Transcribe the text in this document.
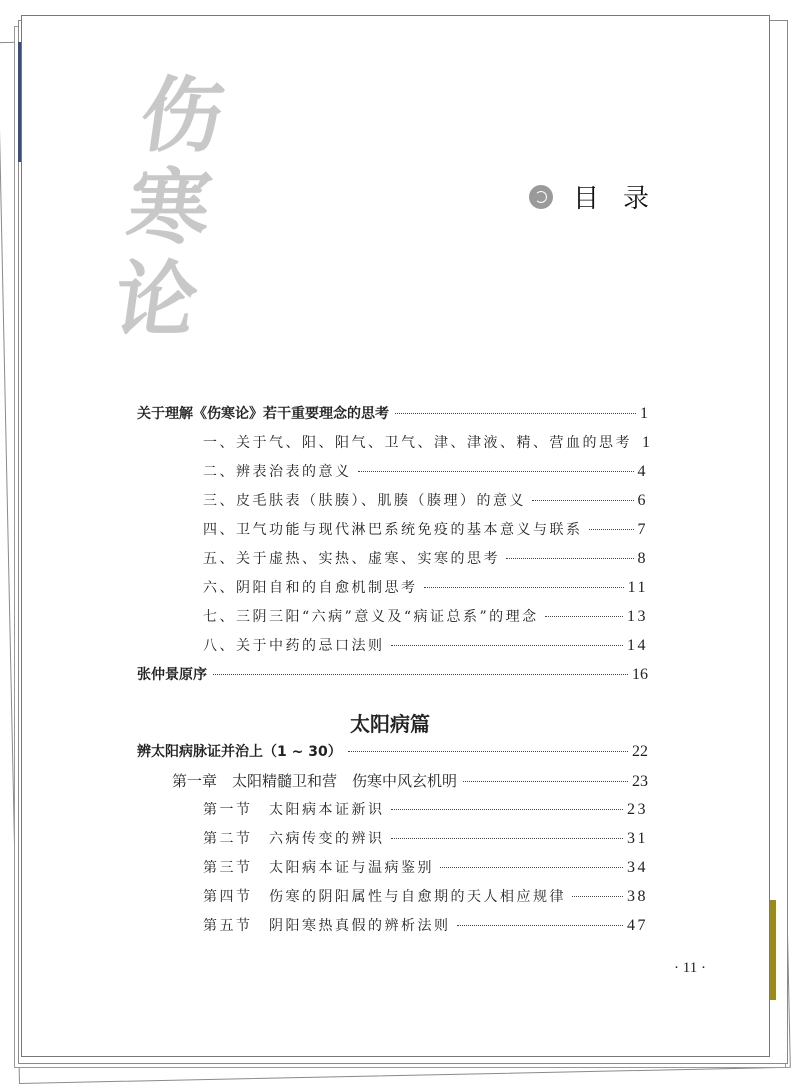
伤
寒
论
目录
太阳病篇
· 11 ·
关于理解《伤寒论》若干重要理念的思考	1
一、关于气、阳、阳气、卫气、津、津液、精、营血的思考 1
二、辨表治表的意义	4
三、皮毛肤表（肤腠）、肌腠（腠理）的意义	6
四、卫气功能与现代淋巴系统免疫的基本意义与联系	7
五、关于虚热、实热、虚寒、实寒的思考	8
六、阴阳自和的自愈机制思考	11
七、三阴三阳“六病”意义及“病证总系”的理念	13
八、关于中药的忌口法则	14
张仲景原序	16
辨太阳病脉证并治上（1 ~ 30）	22
第一章　太阳精髓卫和营　伤寒中风玄机明	23
第一节　太阳病本证新识	23
第二节　六病传变的辨识	31
第三节　太阳病本证与温病鉴别	34
第四节　伤寒的阴阳属性与自愈期的天人相应规律	38
第五节　阴阳寒热真假的辨析法则	47
